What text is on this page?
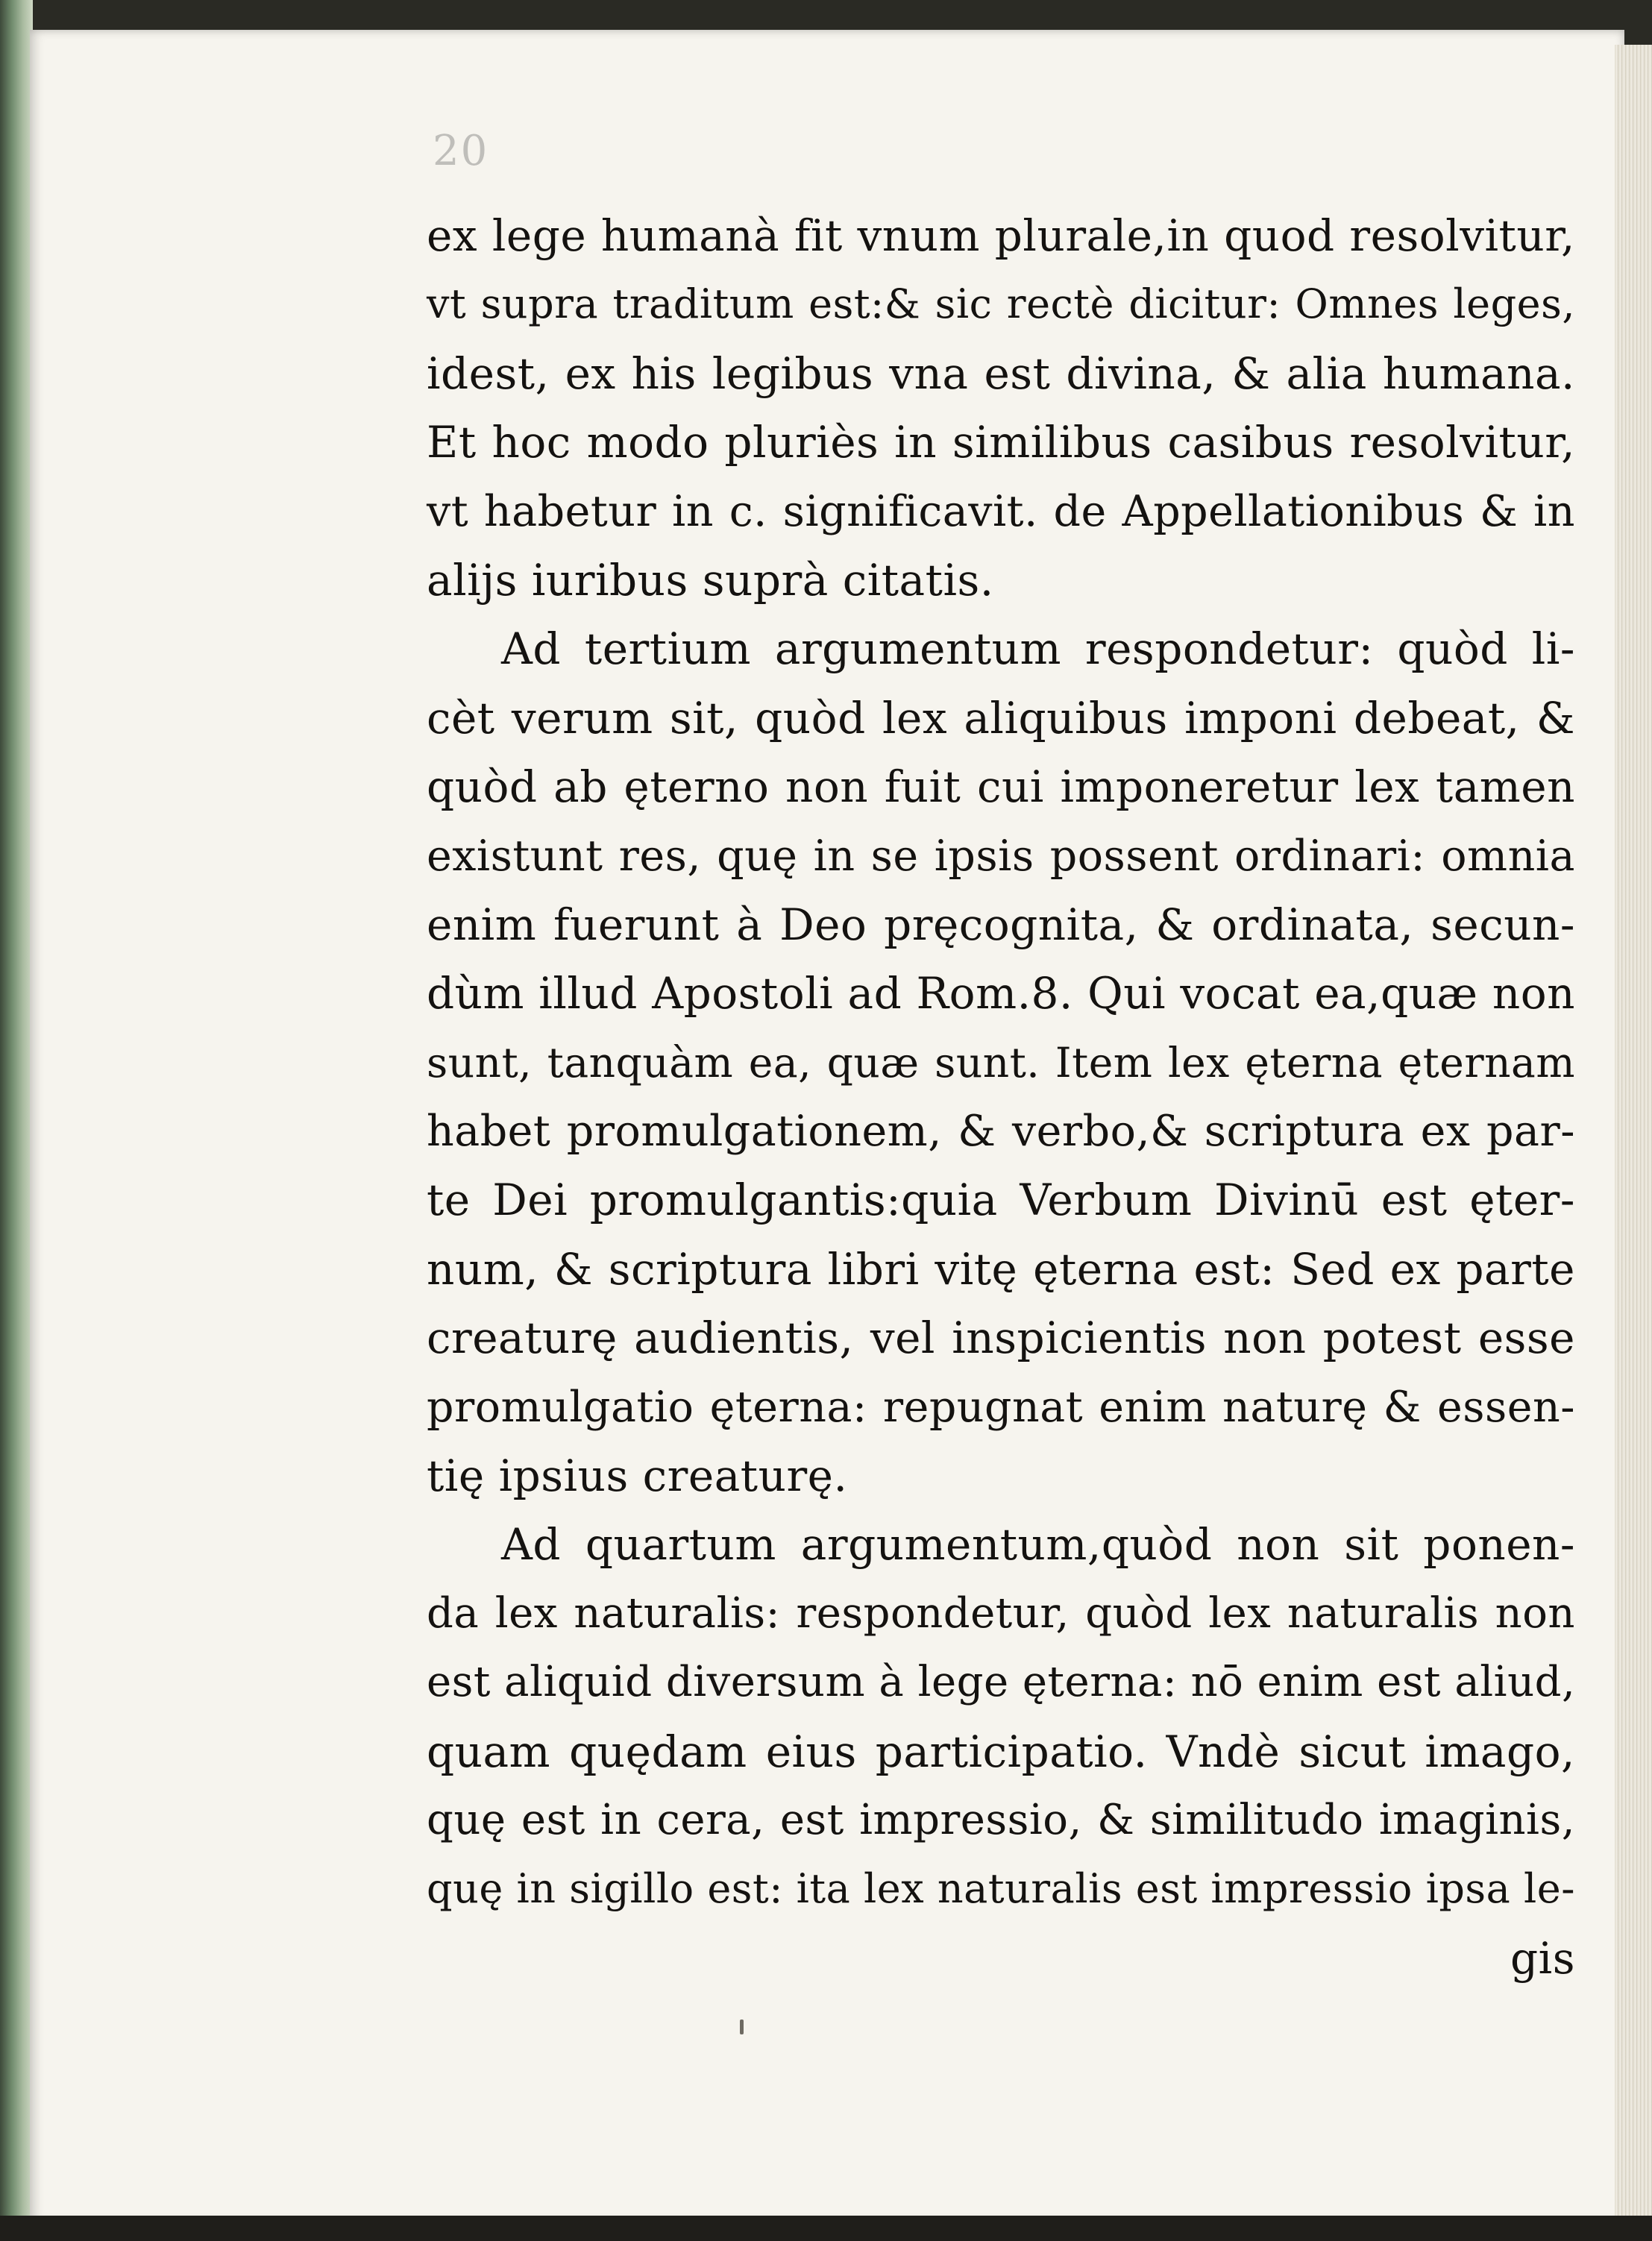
20
ex lege humanà fit vnum plurale,in quod resolvitur,
vt supra traditum est:& sic rectè dicitur: Omnes leges,
idest, ex his legibus vna est divina, & alia humana.
Et hoc modo pluriès in similibus casibus resolvitur,
vt habetur in c. significavit. de Appellationibus & in
alijs iuribus suprà citatis.
Ad tertium argumentum respondetur: quòd li-
cèt verum sit, quòd lex aliquibus imponi debeat, &
quòd ab ęterno non fuit cui imponeretur lex tamen
existunt res, quę in se ipsis possent ordinari: omnia
enim fuerunt à Deo pręcognita, & ordinata, secun-
dùm illud Apostoli ad Rom.8. Qui vocat ea,quæ non
sunt, tanquàm ea, quæ sunt. Item lex ęterna ęternam
habet promulgationem, & verbo,& scriptura ex par-
te Dei promulgantis:quia Verbum Divinū est ęter-
num, & scriptura libri vitę ęterna est: Sed ex parte
creaturę audientis, vel inspicientis non potest esse
promulgatio ęterna: repugnat enim naturę & essen-
tię ipsius creaturę.
Ad quartum argumentum,quòd non sit ponen-
da lex naturalis: respondetur, quòd lex naturalis non
est aliquid diversum à lege ęterna: nō enim est aliud,
quam quędam eius participatio. Vndè sicut imago,
quę est in cera, est impressio, & similitudo imaginis,
quę in sigillo est: ita lex naturalis est impressio ipsa le-
gis
